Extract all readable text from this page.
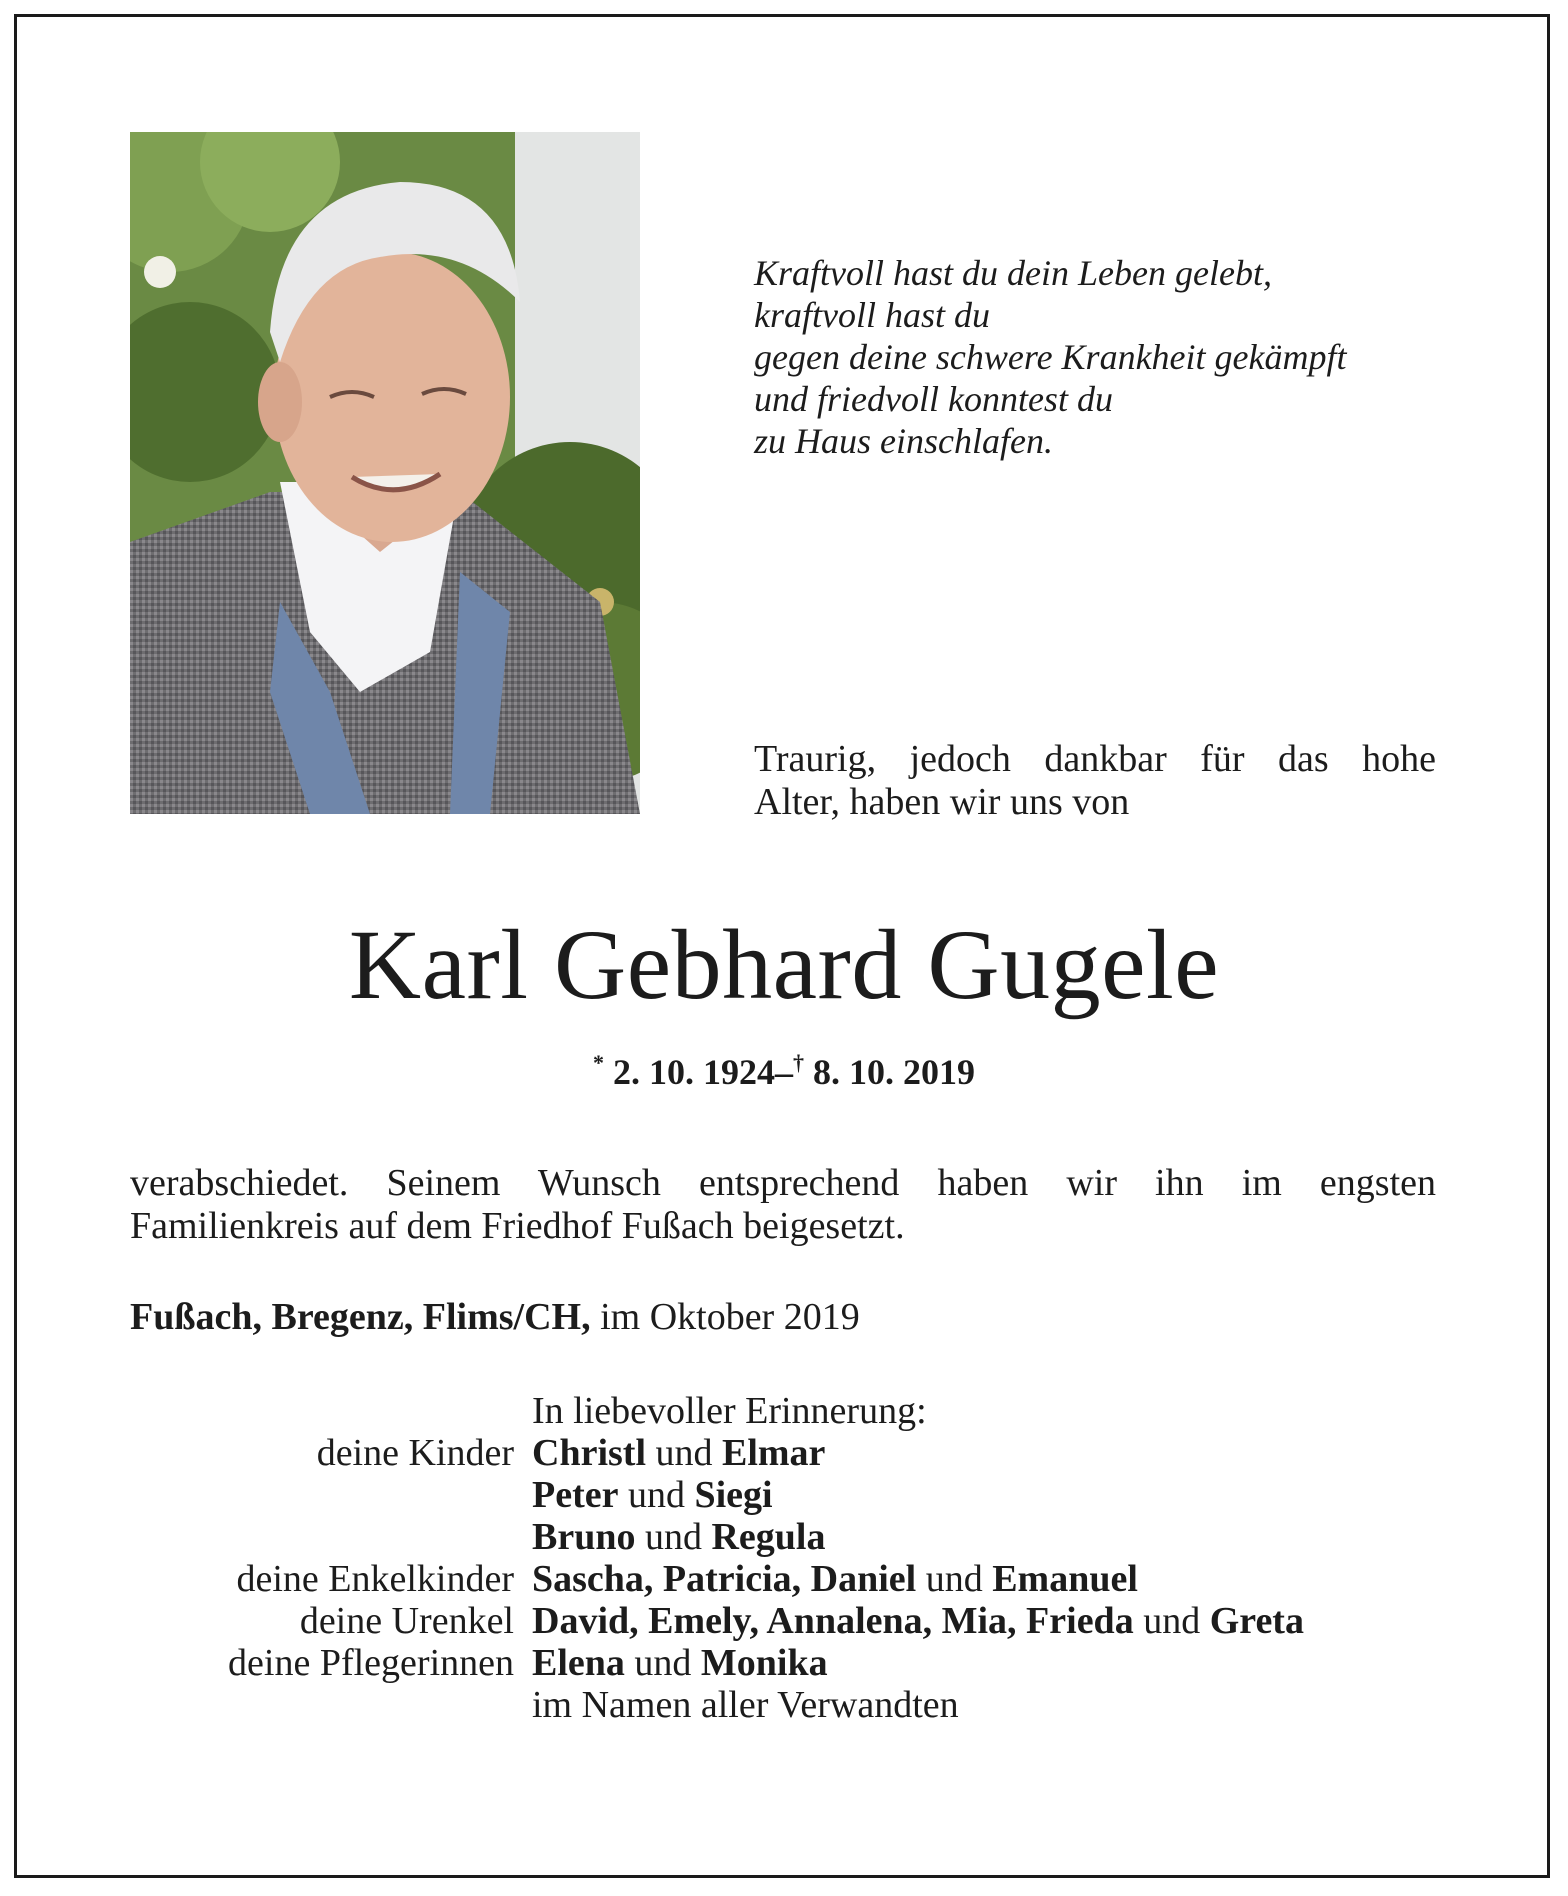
Kraftvoll hast du dein Leben gelebt,
kraftvoll hast du
gegen deine schwere Krankheit gekämpft
und friedvoll konntest du
zu Haus einschlafen.
Traurig, jedoch dankbar für das hohe
Alter, haben wir uns von
Karl Gebhard Gugele
* 2. 10. 1924–† 8. 10. 2019
verabschiedet. Seinem Wunsch entsprechend haben wir ihn im engsten
Familienkreis auf dem Friedhof Fußach beigesetzt.
Fußach, Bregenz, Flims/CH, im Oktober 2019
In liebevoller Erinnerung:
deine Kinder Christl und Elmar
Peter und Siegi
Bruno und Regula
deine Enkelkinder Sascha, Patricia, Daniel und Emanuel
deine Urenkel David, Emely, Annalena, Mia, Frieda und Greta
deine Pflegerinnen Elena und Monika
im Namen aller Verwandten
